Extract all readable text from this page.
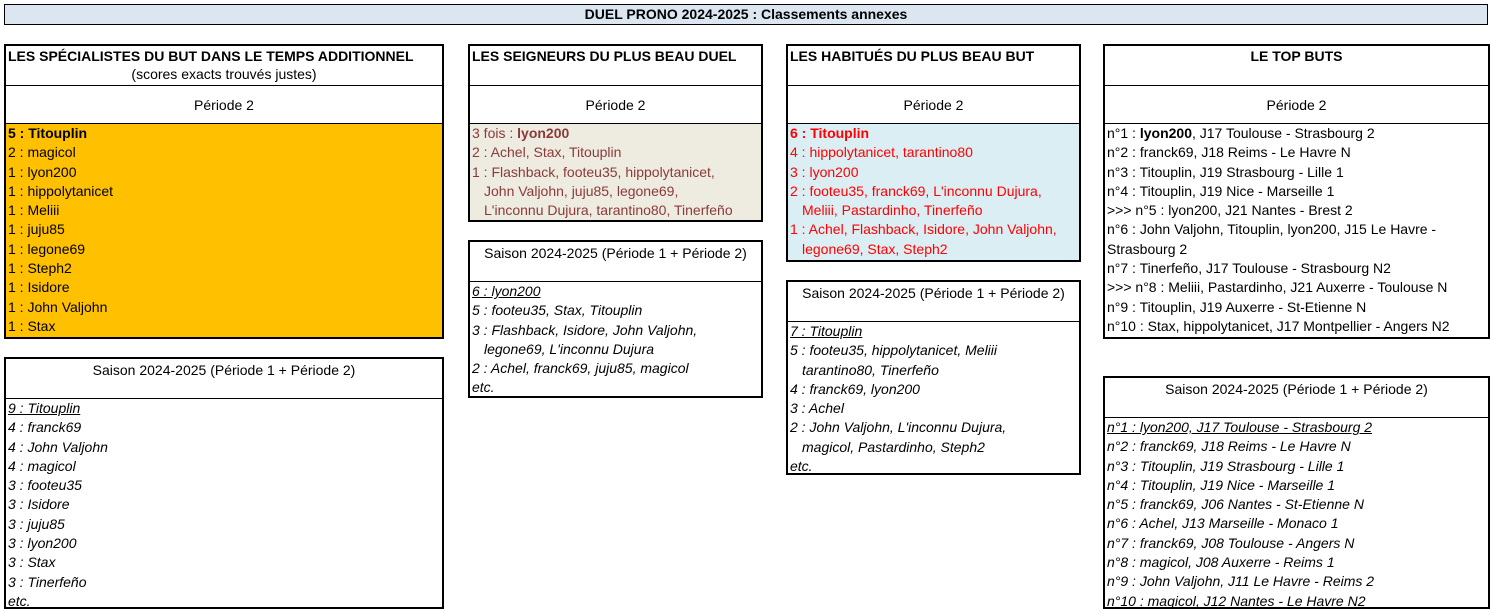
DUEL PRONO 2024-2025 : Classements annexes
LES SPÉCIALISTES DU BUT DANS LE TEMPS ADDITIONNEL
(scores exacts trouvés justes)
Période 2
5 : Titouplin
2 : magicol
1 : lyon200
1 : hippolytanicet
1 : Meliii
1 : juju85
1 : legone69
1 : Steph2
1 : Isidore
1 : John Valjohn
1 : Stax
Saison 2024-2025 (Période 1 + Période 2)
9 : Titouplin
4 : franck69
4 : John Valjohn
4 : magicol
3 : footeu35
3 : Isidore
3 : juju85
3 : lyon200
3 : Stax
3 : Tinerfeño
etc.
LES SEIGNEURS DU PLUS BEAU DUEL
Période 2
3 fois : lyon200
2 : Achel, Stax, Titouplin
1 : Flashback, footeu35, hippolytanicet,
John Valjohn, juju85, legone69,
L'inconnu Dujura, tarantino80, Tinerfeño
Saison 2024-2025 (Période 1 + Période 2)
6 : lyon200
5 : footeu35, Stax, Titouplin
3 : Flashback, Isidore, John Valjohn,
legone69, L'inconnu Dujura
2 : Achel, franck69, juju85, magicol
etc.
LES HABITUÉS DU PLUS BEAU BUT
Période 2
6 : Titouplin
4 : hippolytanicet, tarantino80
3 : lyon200
2 : footeu35, franck69, L'inconnu Dujura,
Meliii, Pastardinho, Tinerfeño
1 : Achel, Flashback, Isidore, John Valjohn,
legone69, Stax, Steph2
Saison 2024-2025 (Période 1 + Période 2)
7 : Titouplin
5 : footeu35, hippolytanicet, Meliii
tarantino80, Tinerfeño
4 : franck69, lyon200
3 : Achel
2 : John Valjohn, L'inconnu Dujura,
magicol, Pastardinho, Steph2
etc.
LE TOP BUTS
Période 2
n°1 : lyon200, J17 Toulouse - Strasbourg 2
n°2 : franck69, J18 Reims - Le Havre N
n°3 : Titouplin, J19 Strasbourg - Lille 1
n°4 : Titouplin, J19 Nice - Marseille 1
>>> n°5 : lyon200, J21 Nantes - Brest 2
n°6 : John Valjohn, Titouplin, lyon200, J15 Le Havre -
Strasbourg 2
n°7 : Tinerfeño, J17 Toulouse - Strasbourg N2
>>> n°8 : Meliii, Pastardinho, J21 Auxerre - Toulouse N
n°9 : Titouplin, J19 Auxerre - St-Etienne N
n°10 : Stax, hippolytanicet, J17 Montpellier - Angers N2
Saison 2024-2025 (Période 1 + Période 2)
n°1 : lyon200, J17 Toulouse - Strasbourg 2
n°2 : franck69, J18 Reims - Le Havre N
n°3 : Titouplin, J19 Strasbourg - Lille 1
n°4 : Titouplin, J19 Nice - Marseille 1
n°5 : franck69, J06 Nantes - St-Etienne N
n°6 : Achel, J13 Marseille - Monaco 1
n°7 : franck69, J08 Toulouse - Angers N
n°8 : magicol, J08 Auxerre - Reims 1
n°9 : John Valjohn, J11 Le Havre - Reims 2
n°10 : magicol, J12 Nantes - Le Havre N2
